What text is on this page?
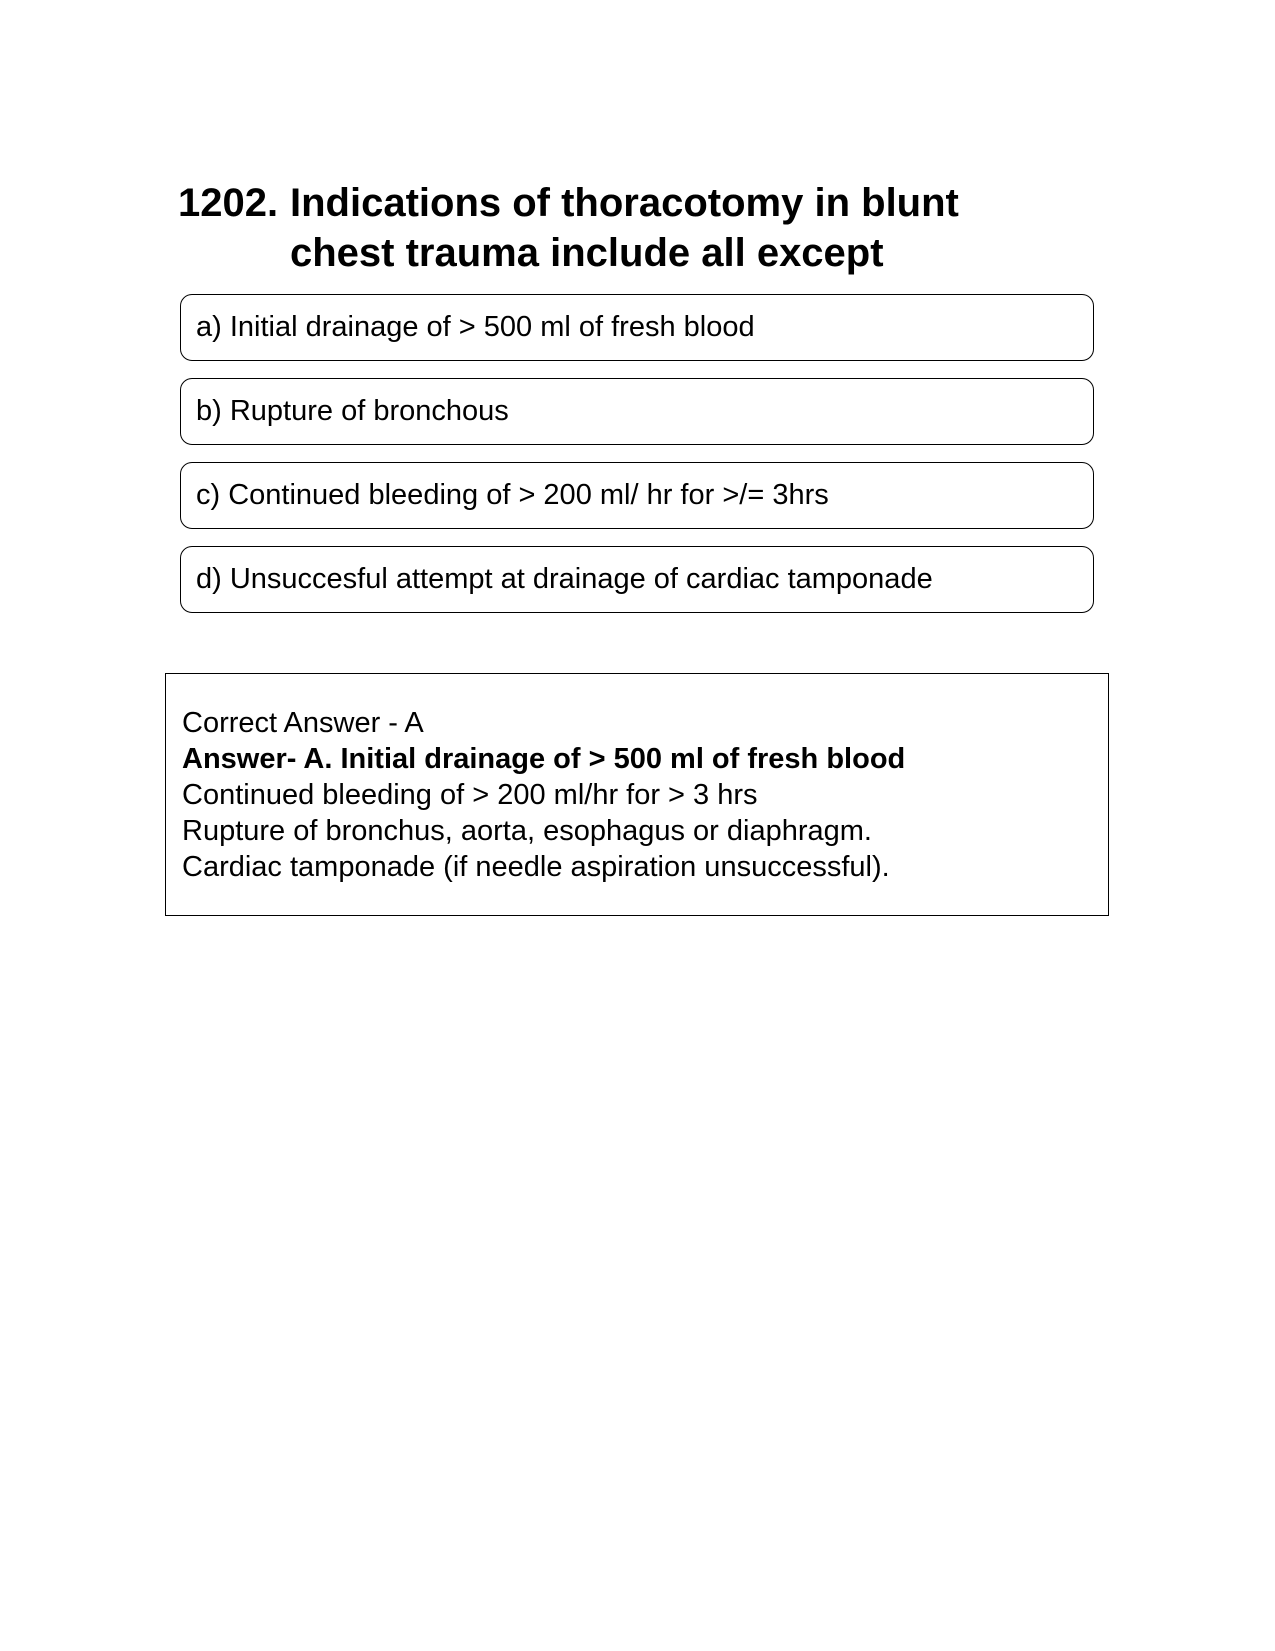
1202. Indications of thoracotomy in blunt chest trauma include all except
a) Initial drainage of > 500 ml of fresh blood
b) Rupture of bronchous
c) Continued bleeding of > 200 ml/ hr for >/= 3hrs
d) Unsuccesful attempt at drainage of cardiac tamponade
Correct Answer - A
Answer- A. Initial drainage of > 500 ml of fresh blood
Continued bleeding of > 200 ml/hr for > 3 hrs
Rupture of bronchus, aorta, esophagus or diaphragm.
Cardiac tamponade (if needle aspiration unsuccessful).
